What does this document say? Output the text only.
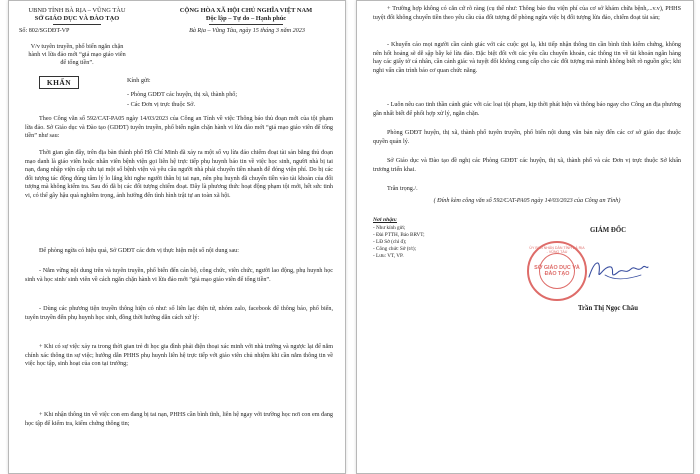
UBND TỈNH BÀ RỊA – VŨNG TÀU
SỞ GIÁO DỤC VÀ ĐÀO TẠO
Số: 802/SGDĐT-VP
CỘNG HÒA XÃ HỘI CHỦ NGHĨA VIỆT NAM
Độc lập – Tự do – Hạnh phúc
Bà Rịa – Vũng Tàu, ngày 15 tháng 3 năm 2023
V/v tuyên truyền, phổ biến ngăn chặn hành vi lừa đảo mới “giả mạo giáo viên để tống tiền”.
KHẨN	Kính gửi:
- Phòng GDĐT các huyện, thị xã, thành phố;
- Các Đơn vị trực thuộc Sở.
Theo Công văn số 592/CAT-PA05 ngày 14/03/2023 của Công an Tỉnh về việc Thông báo thủ đoạn mới của tội phạm lừa đảo. Sở Giáo dục và Đào tạo (GDĐT) tuyên truyền, phổ biến ngăn chặn hành vi lừa đảo mới “giả mạo giáo viên để tống tiền” như sau:
Thời gian gần đây, trên địa bàn thành phố Hồ Chí Minh đã xảy ra một số vụ lừa đảo chiếm đoạt tài sản bằng thủ đoạn mạo danh là giáo viên hoặc nhân viên bệnh viện gọi liên hệ trực tiếp phụ huynh báo tin về việc học sinh, người nhà bị tai nạn, đang nhập viện cấp cứu tại một số bệnh viện và yêu cầu người nhà phải chuyển tiền nhanh để đóng viện phí. Do bị các đối tượng tác động đúng tâm lý lo lắng khi nghe người thân bị tai nạn, nên phụ huynh đã chuyển tiền vào tài khoản của đối tượng mà không kiểm tra. Sau đó đã bị các đối tượng chiếm đoạt. Đây là phương thức hoạt động phạm tội mới, hết sức tinh vi, có thể gây hậu quả nghiêm trọng, ảnh hưởng đến tình hình trật tự an toàn xã hội.
Để phòng ngừa có hiệu quả, Sở GDĐT các đơn vị thực hiện một số nội dung sau:
- Nắm vững nội dung trên và tuyên truyền, phổ biến đến cán bộ, công chức, viên chức, người lao động, phụ huynh học sinh và học sinh/ sinh viên về cách ngăn chặn hành vi lừa đảo mới “giả mạo giáo viên để tống tiền”.
- Dùng các phương tiện truyền thông hiện có như: sổ liên lạc điện tử, nhóm zalo, facebook để thông báo, phổ biến, tuyên truyền đến phụ huynh học sinh, đồng thời hướng dẫn cách xử lý:
+ Khi có sự việc xảy ra trong thời gian trẻ đi học gia đình phải điện thoại xác minh với nhà trường và ngược lại để nắm chính xác thông tin sự việc; hướng dẫn PHHS phụ huynh liên hệ trực tiếp với giáo viên chủ nhiệm khi cần nắm thông tin về việc học tập, sinh hoạt của con tại trường;
+ Khi nhận thông tin về việc con em đang bị tai nạn, PHHS cần bình tĩnh, liên hệ ngay với trường học nơi con em đang học tập để kiểm tra, kiểm chứng thông tin;
+ Trường hợp không có căn cứ rõ ràng (cụ thể như: Thông báo thu viện phí của cơ sở khám chữa bệnh,...v.v), PHHS tuyệt đối không chuyển tiền theo yêu cầu của đối tượng để phòng ngừa việc bị đối tượng lừa đảo, chiếm đoạt tài sản;
- Khuyến cáo mọi người cần cảnh giác với các cuộc gọi lạ, khi tiếp nhận thông tin cần bình tĩnh kiểm chứng, không nên hốt hoảng sẽ dễ sập bẫy kẻ lừa đảo. Đặc biệt đối với các yêu cầu chuyển khoản, các thông tin về tài khoản ngân hàng hay các giấy tờ cá nhân, cần cảnh giác và tuyệt đối không cung cấp cho các đối tượng mà mình không biết rõ nguồn gốc; khi nghi vấn cần trình báo cơ quan chức năng.
- Luôn nêu cao tinh thần cảnh giác với các loại tội phạm, kịp thời phát hiện và thông báo ngay cho Công an địa phương gần nhất biết để phối hợp xử lý, ngăn chặn.
Phòng GDĐT huyện, thị xã, thành phố tuyên truyền, phổ biến nội dung văn bản này đến các cơ sở giáo dục thuộc quyền quản lý.
Sở Giáo dục và Đào tạo đề nghị các Phòng GDĐT các huyện, thị xã, thành phố và các Đơn vị trực thuộc Sở khẩn trương triển khai.
Trân trọng./.
( Đính kèm công văn số 592/CAT-PA05 ngày 14/03/2023 của Công an Tỉnh)
Nơi nhận:
- Như kính gửi;
- Đài PTTH, Báo BRVT;
- LĐ Sở (chỉ đ);
- Công chức Sở (t/t);
- Lưu: VT, VP.
GIÁM ĐỐC
ỦY BAN NHÂN DÂN TỈNH BÀ RỊA - VŨNG TÀU
SỞ GIÁO DỤC VÀ ĐÀO TẠO
Trần Thị Ngọc Châu
